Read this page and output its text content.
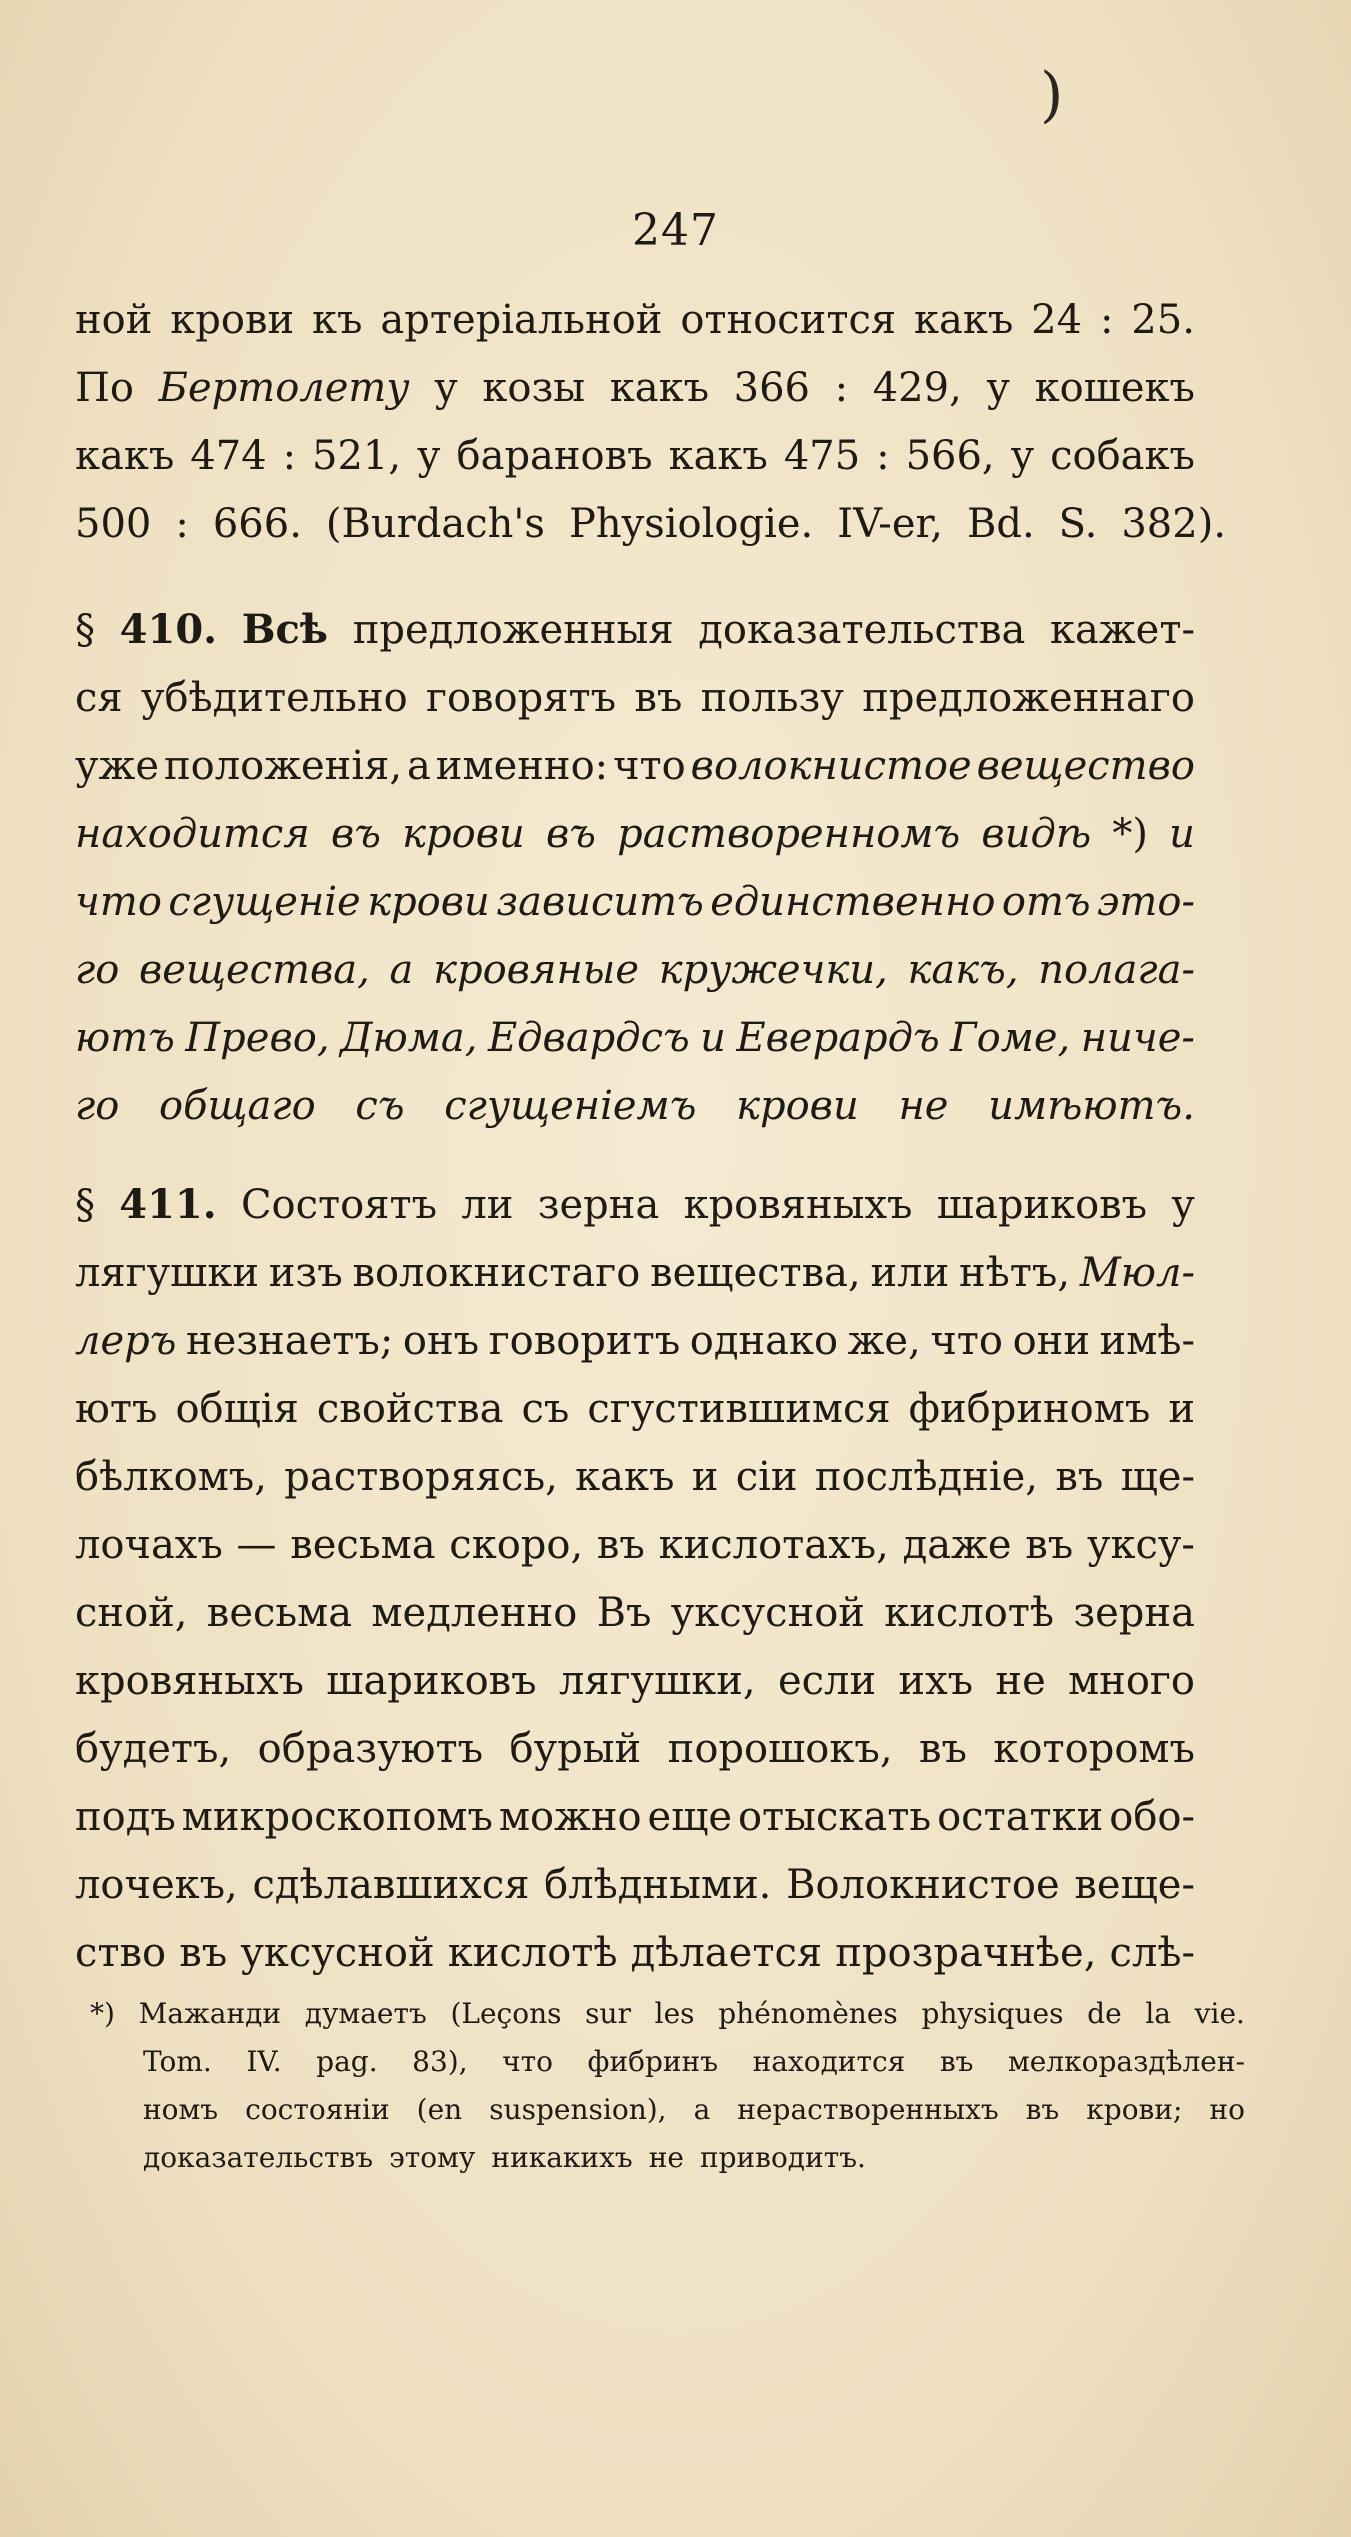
)
247
ной крови къ артеріальной относится какъ 24 : 25.
По Бертолету у козы какъ 366 : 429, у кошекъ
какъ 474 : 521, у барановъ какъ 475 : 566, у собакъ
500 : 666. (Burdach's Physiologie. IV-er, Bd. S. 382).
§ 410. Всѣ предложенныя доказательства кажет-
ся убѣдительно говорятъ въ пользу предложеннаго
уже положенія, а именно: что волокнистое вещество
находится въ крови въ растворенномъ видѣ *) и
что сгущеніе крови зависитъ единственно отъ это-
го вещества, а кровяные кружечки, какъ, полага-
ютъ Прево, Дюма, Едвардсъ и Еверардъ Гоме, ниче-
го общаго съ сгущеніемъ крови не имѣютъ.
§ 411. Состоятъ ли зерна кровяныхъ шариковъ у
лягушки изъ волокнистаго вещества, или нѣтъ, Мюл-
леръ незнаетъ; онъ говоритъ однако же, что они имѣ-
ютъ общія свойства съ сгустившимся фибриномъ и
бѣлкомъ, растворяясь, какъ и сіи послѣдніе, въ ще-
лочахъ — весьма скоро, въ кислотахъ, даже въ уксу-
сной, весьма медленно Въ уксусной кислотѣ зерна
кровяныхъ шариковъ лягушки, если ихъ не много
будетъ, образуютъ бурый порошокъ, въ которомъ
подъ микроскопомъ можно еще отыскать остатки обо-
лочекъ, сдѣлавшихся блѣдными. Волокнистое веще-
ство въ уксусной кислотѣ дѣлается прозрачнѣе, слѣ-
*) Мажанди думаетъ (Leçons sur les phénomènes physiques de la vie.
Tom. IV. pag. 83), что фибринъ находится въ мелкораздѣлен-
номъ состояніи (en suspension), а нерастворенныхъ въ крови; но
доказательствъ этому никакихъ не приводитъ.
